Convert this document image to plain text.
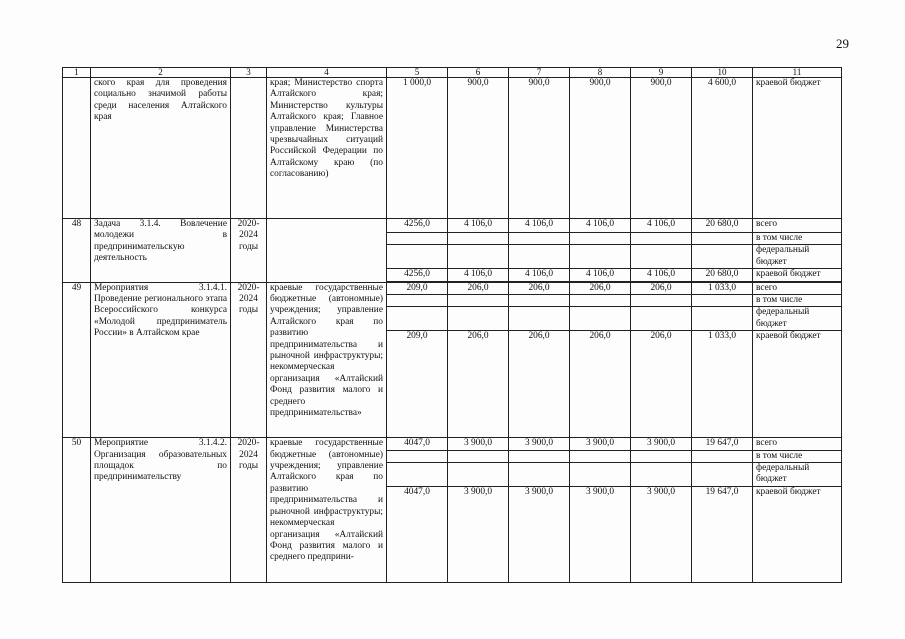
29
1	2	3	4	5	6	7	8	9	10	11
	ского края для проведения социально значимой работы среди населения Алтайского края		края; Министерство спорта Алтайского края; Министерство культуры Алтайского края; Главное управление Министерства чрезвычайных ситуаций Российской Федерации по Алтайскому краю (по согласованию)	1 000,0	900,0	900,0	900,0	900,0	4 600,0	краевой бюджет
48	Задача 3.1.4. Вовлечение молодежи в предпринимательскую деятельность	2020-2024 годы		4256,0	4 106,0	4 106,0	4 106,0	4 106,0	20 680,0	всего
										в том числе
										федеральный бюджет
				4256,0	4 106,0	4 106,0	4 106,0	4 106,0	20 680,0	краевой бюджет

49	Мероприятия 3.1.4.1. Проведение регионального этапа Всероссийского конкурса «Молодой предприниматель России» в Алтайском крае	2020-2024 годы	краевые государственные бюджетные (автономные) учреждения; управление Алтайского края по развитию предпринимательства и рыночной инфраструктуры; некоммерческая организация «Алтайский Фонд развития малого и среднего предпринимательства»	209,0	206,0	206,0	206,0	206,0	1 033,0	всего
										в том числе
										федеральный бюджет
				209,0	206,0	206,0	206,0	206,0	1 033,0	краевой бюджет
50	Мероприятие 3.1.4.2. Организация образовательных площадок по предпринимательству	2020-2024 годы	краевые государственные бюджетные (автономные) учреждения; управление Алтайского края по развитию предпринимательства и рыночной инфраструктуры; некоммерческая организация «Алтайский Фонд развития малого и среднего предприни-	4047,0	3 900,0	3 900,0	3 900,0	3 900,0	19 647,0	всего
										в том числе
										федеральный бюджет
				4047,0	3 900,0	3 900,0	3 900,0	3 900,0	19 647,0	краевой бюджет
